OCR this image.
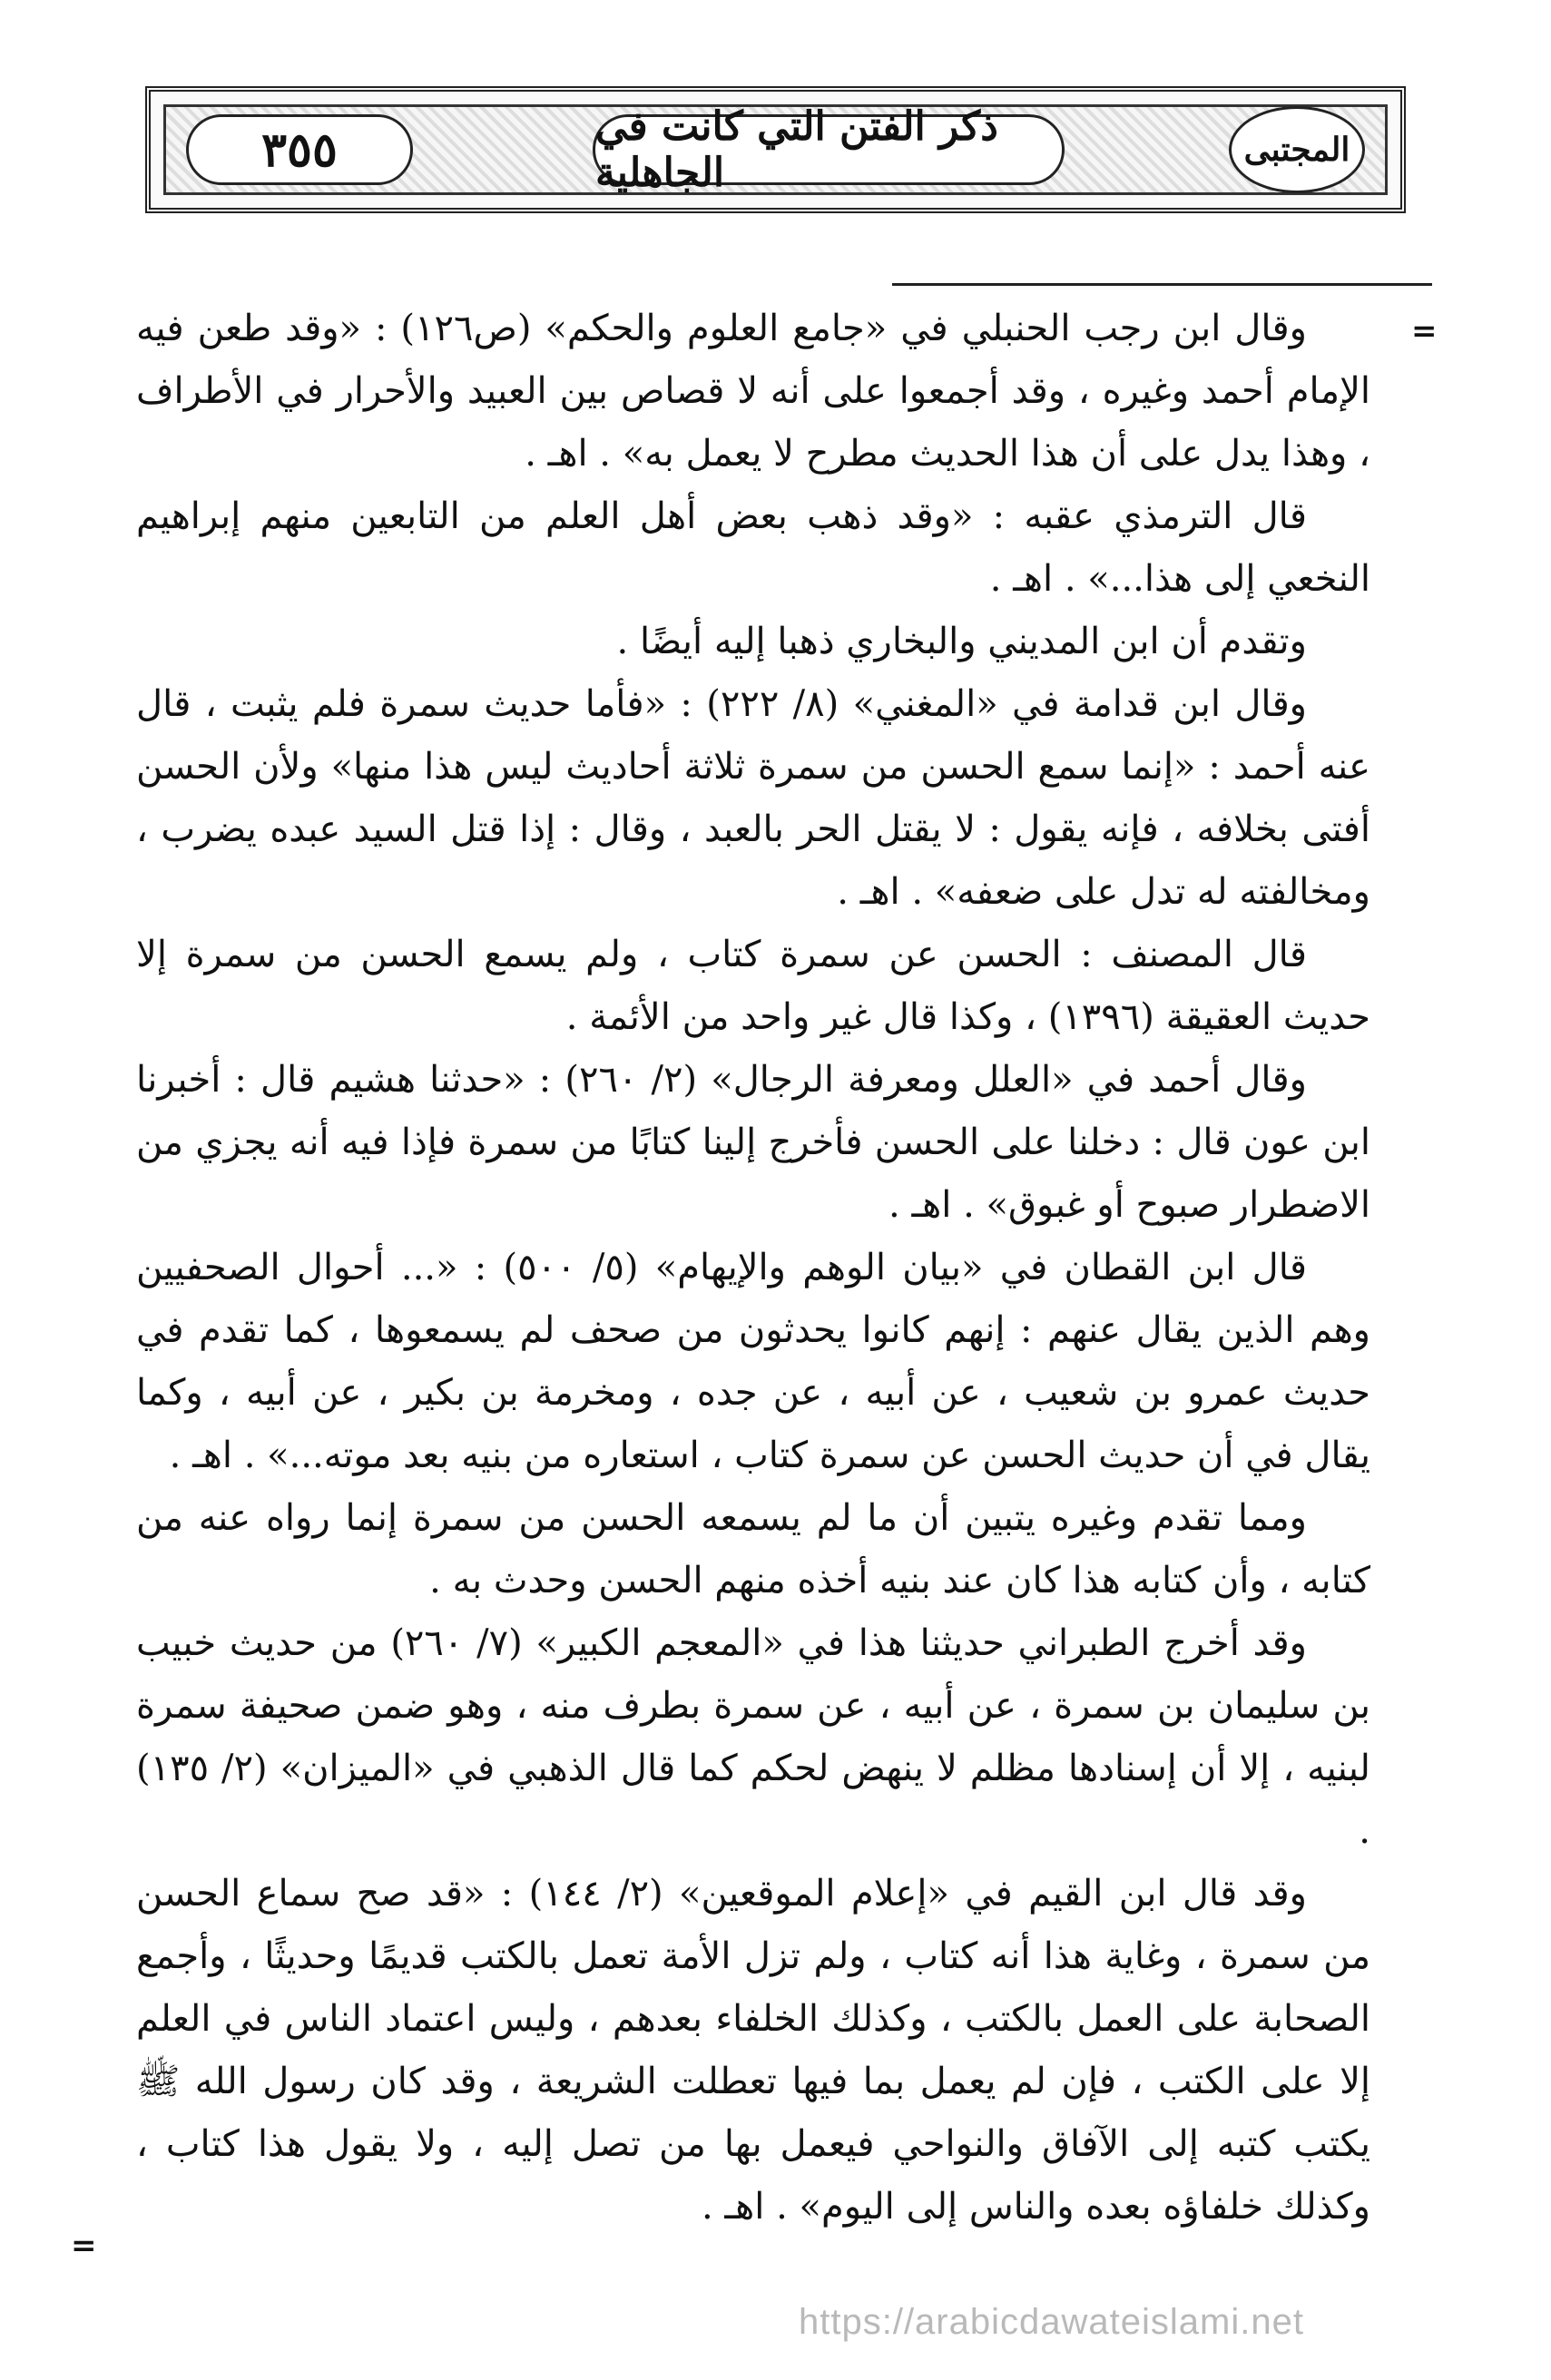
٣٥٥	ذكر الفتن التي كانت في الجاهلية	المجتبى
=
=

وقال ابن رجب الحنبلي في «جامع العلوم والحكم» (ص١٢٦) : «وقد طعن فيه الإمام أحمد وغيره ، وقد أجمعوا على أنه لا قصاص بين العبيد والأحرار في الأطراف ، وهذا يدل على أن هذا الحديث مطرح لا يعمل به» . اهـ .

قال الترمذي عقبه : «وقد ذهب بعض أهل العلم من التابعين منهم إبراهيم النخعي إلى هذا...» . اهـ .

وتقدم أن ابن المديني والبخاري ذهبا إليه أيضًا .

وقال ابن قدامة في «المغني» (٨/ ٢٢٢) : «فأما حديث سمرة فلم يثبت ، قال عنه أحمد : «إنما سمع الحسن من سمرة ثلاثة أحاديث ليس هذا منها» ولأن الحسن أفتى بخلافه ، فإنه يقول : لا يقتل الحر بالعبد ، وقال : إذا قتل السيد عبده يضرب ، ومخالفته له تدل على ضعفه» . اهـ .

قال المصنف : الحسن عن سمرة كتاب ، ولم يسمع الحسن من سمرة إلا حديث العقيقة (١٣٩٦) ، وكذا قال غير واحد من الأئمة .

وقال أحمد في «العلل ومعرفة الرجال» (٢/ ٢٦٠) : «حدثنا هشيم قال : أخبرنا ابن عون قال : دخلنا على الحسن فأخرج إلينا كتابًا من سمرة فإذا فيه أنه يجزي من الاضطرار صبوح أو غبوق» . اهـ .

قال ابن القطان في «بيان الوهم والإيهام» (٥/ ٥٠٠) : «... أحوال الصحفيين وهم الذين يقال عنهم : إنهم كانوا يحدثون من صحف لم يسمعوها ، كما تقدم في حديث عمرو بن شعيب ، عن أبيه ، عن جده ، ومخرمة بن بكير ، عن أبيه ، وكما يقال في أن حديث الحسن عن سمرة كتاب ، استعاره من بنيه بعد موته...» . اهـ .

ومما تقدم وغيره يتبين أن ما لم يسمعه الحسن من سمرة إنما رواه عنه من كتابه ، وأن كتابه هذا كان عند بنيه أخذه منهم الحسن وحدث به .

وقد أخرج الطبراني حديثنا هذا في «المعجم الكبير» (٧/ ٢٦٠) من حديث خبيب بن سليمان بن سمرة ، عن أبيه ، عن سمرة بطرف منه ، وهو ضمن صحيفة سمرة لبنيه ، إلا أن إسنادها مظلم لا ينهض لحكم كما قال الذهبي في «الميزان» (٢/ ١٣٥) .

وقد قال ابن القيم في «إعلام الموقعين» (٢/ ١٤٤) : «قد صح سماع الحسن من سمرة ، وغاية هذا أنه كتاب ، ولم تزل الأمة تعمل بالكتب قديمًا وحديثًا ، وأجمع الصحابة على العمل بالكتب ، وكذلك الخلفاء بعدهم ، وليس اعتماد الناس في العلم إلا على الكتب ، فإن لم يعمل بما فيها تعطلت الشريعة ، وقد كان رسول الله ﷺ يكتب كتبه إلى الآفاق والنواحي فيعمل بها من تصل إليه ، ولا يقول هذا كتاب ، وكذلك خلفاؤه بعده والناس إلى اليوم» . اهـ .

https://arabicdawateislami.net
